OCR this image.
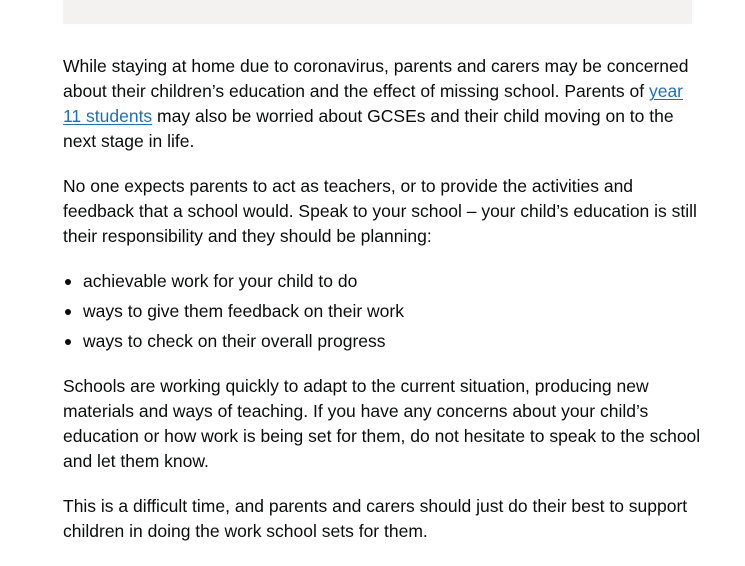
While staying at home due to coronavirus, parents and carers may be concerned about their children’s education and the effect of missing school. Parents of year 11 students may also be worried about GCSEs and their child moving on to the next stage in life.

No one expects parents to act as teachers, or to provide the activities and feedback that a school would. Speak to your school – your child’s education is still their responsibility and they should be planning:

achievable work for your child to do
ways to give them feedback on their work
ways to check on their overall progress

Schools are working quickly to adapt to the current situation, producing new materials and ways of teaching. If you have any concerns about your child’s education or how work is being set for them, do not hesitate to speak to the school and let them know.

This is a difficult time, and parents and carers should just do their best to support children in doing the work school sets for them.
